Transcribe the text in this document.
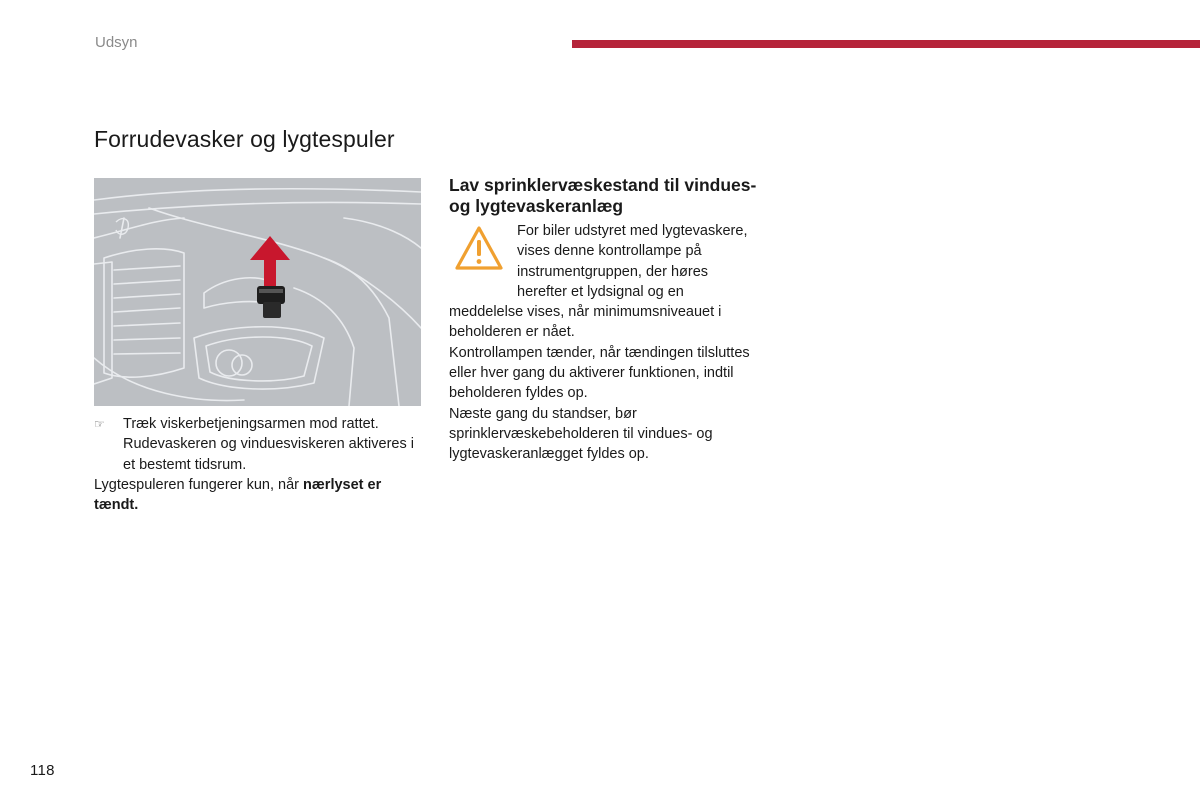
Udsyn
Forrudevasker og lygtespuler
☞ Træk viskerbetjeningsarmen mod rattet. Rudevaskeren og vinduesviskeren aktiveres i et bestemt tidsrum.

Lygtespuleren fungerer kun, når nærlyset er tændt.

Lav sprinklervæskestand til vindues- og lygtevaskeranlæg
For biler udstyret med lygtevaskere,
vises denne kontrollampe på
instrumentgruppen, der høres
herefter et lydsignal og en
meddelelse vises, når minimumsniveauet i beholderen er nået.
Kontrollampen tænder, når tændingen tilsluttes eller hver gang du aktiverer funktionen, indtil beholderen fyldes op.
Næste gang du standser, bør sprinklervæskebeholderen til vindues- og lygtevaskeranlægget fyldes op.
118
